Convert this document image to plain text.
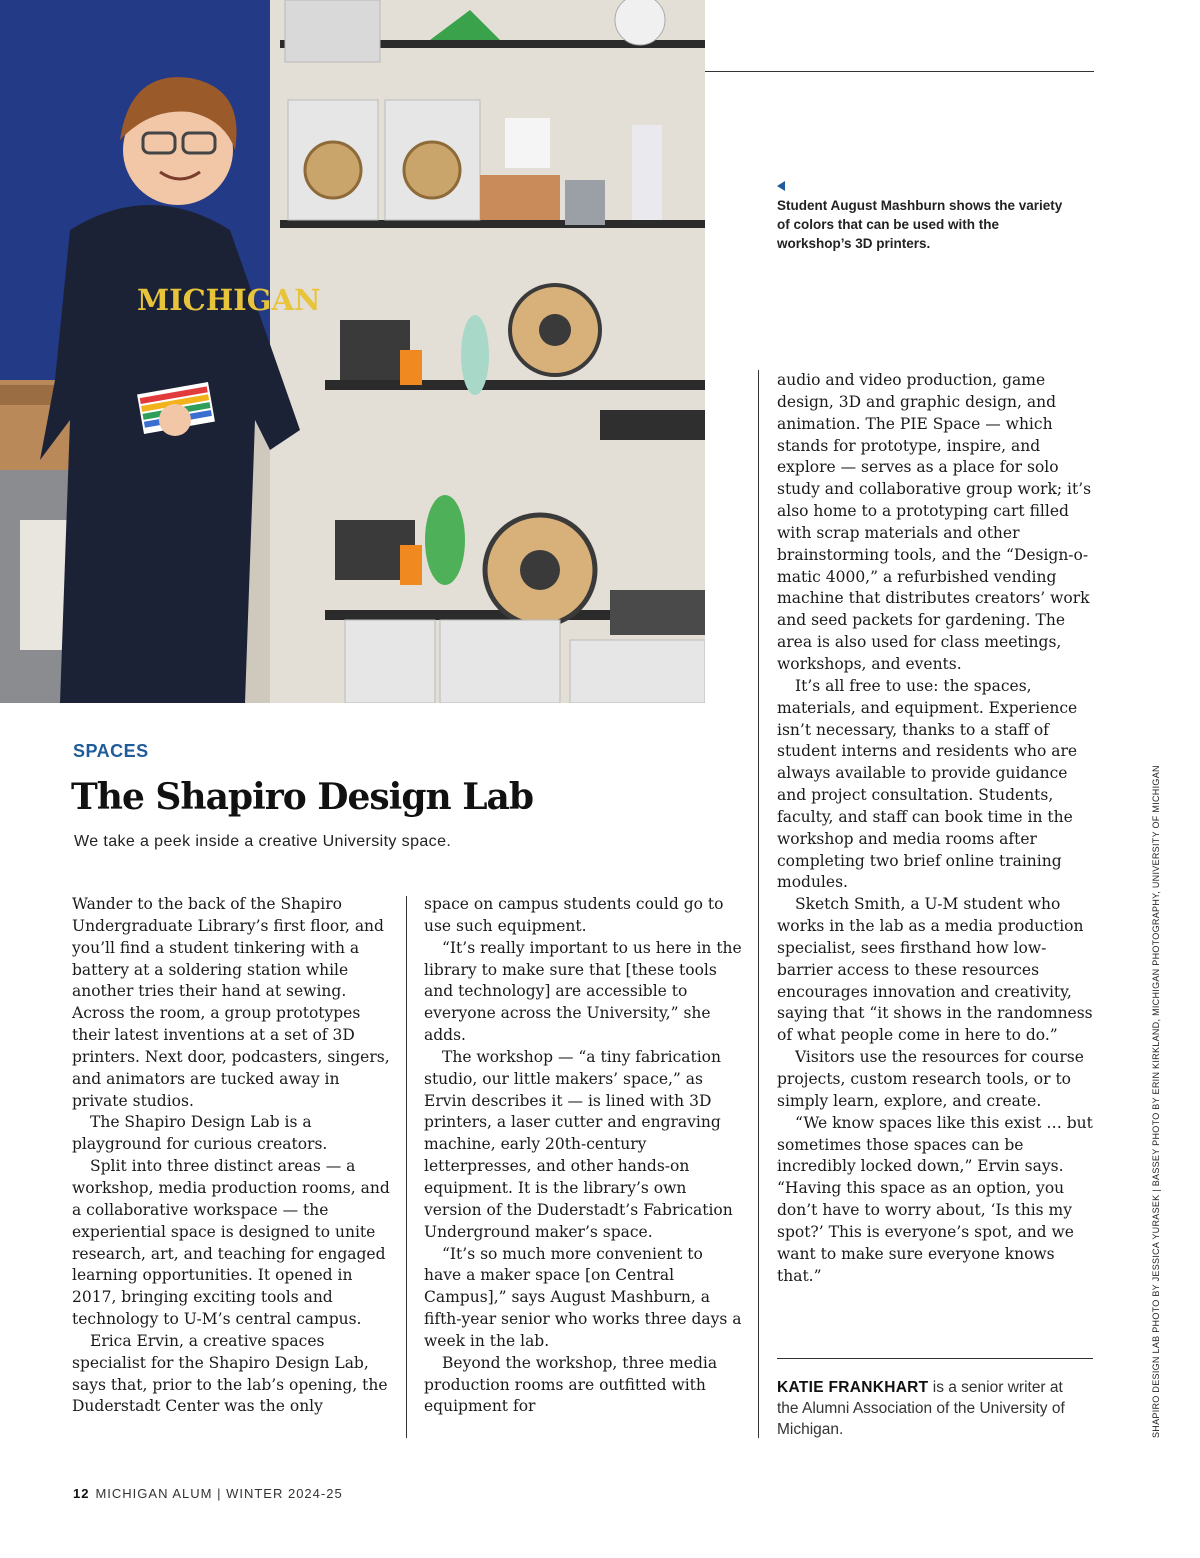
MICHIGAN
Student August Mashburn shows the variety of colors that can be used with the workshop’s 3D printers.
SPACES
The Shapiro Design Lab
We take a peek inside a creative University space.

Wander to the back of the Shapiro Undergraduate Library’s first floor, and you’ll find a student tinkering with a battery at a soldering station while another tries their hand at sewing. Across the room, a group prototypes their latest inventions at a set of 3D printers. Next door, podcasters, singers, and animators are tucked away in private studios.

The Shapiro Design Lab is a playground for curious creators.

Split into three distinct areas — a workshop, media production rooms, and a collaborative workspace — the experiential space is designed to unite research, art, and teaching for engaged learning opportunities. It opened in 2017, bringing exciting tools and technology to U-M’s central campus.

Erica Ervin, a creative spaces specialist for the Shapiro Design Lab, says that, prior to the lab’s opening, the Duderstadt Center was the only

space on campus students could go to use such equipment.

“It’s really important to us here in the library to make sure that [these tools and technology] are accessible to everyone across the University,” she adds.

The workshop — “a tiny fabrication studio, our little makers’ space,” as Ervin describes it — is lined with 3D printers, a laser cutter and engraving machine, early 20th-century letterpresses, and other hands-on equipment. It is the library’s own version of the Duderstadt’s Fabrication Underground maker’s space.

“It’s so much more convenient to have a maker space [on Central Campus],” says August Mashburn, a fifth-year senior who works three days a week in the lab.

Beyond the workshop, three media production rooms are outfitted with equipment for

audio and video production, game design, 3D and graphic design, and animation. The PIE Space — which stands for prototype, inspire, and explore — serves as a place for solo study and collaborative group work; it’s also home to a prototyping cart filled with scrap materials and other brainstorming tools, and the “Design-o-matic 4000,” a refurbished vending machine that distributes creators’ work and seed packets for gardening. The area is also used for class meetings, workshops, and events.

It’s all free to use: the spaces, materials, and equipment. Experience isn’t necessary, thanks to a staff of student interns and residents who are always available to provide guidance and project consultation. Students, faculty, and staff can book time in the workshop and media rooms after completing two brief online training modules.

Sketch Smith, a U-M student who works in the lab as a media production specialist, sees firsthand how low-barrier access to these resources encourages innovation and creativity, saying that “it shows in the randomness of what people come in here to do.”

Visitors use the resources for course projects, custom research tools, or to simply learn, explore, and create.

“We know spaces like this exist … but sometimes those spaces can be incredibly locked down,” Ervin says. “Having this space as an option, you don’t have to worry about, ‘Is this my spot?’ This is everyone’s spot, and we want to make sure everyone knows that.”

KATIE FRANKHART is a senior writer at the Alumni Association of the University of Michigan.	SHAPIRO DESIGN LAB PHOTO BY JESSICA YURASEK | BASSEY PHOTO BY ERIN KIRKLAND, MICHIGAN PHOTOGRAPHY, UNIVERSITY OF MICHIGAN
12 MICHIGAN ALUM | WINTER 2024-25
